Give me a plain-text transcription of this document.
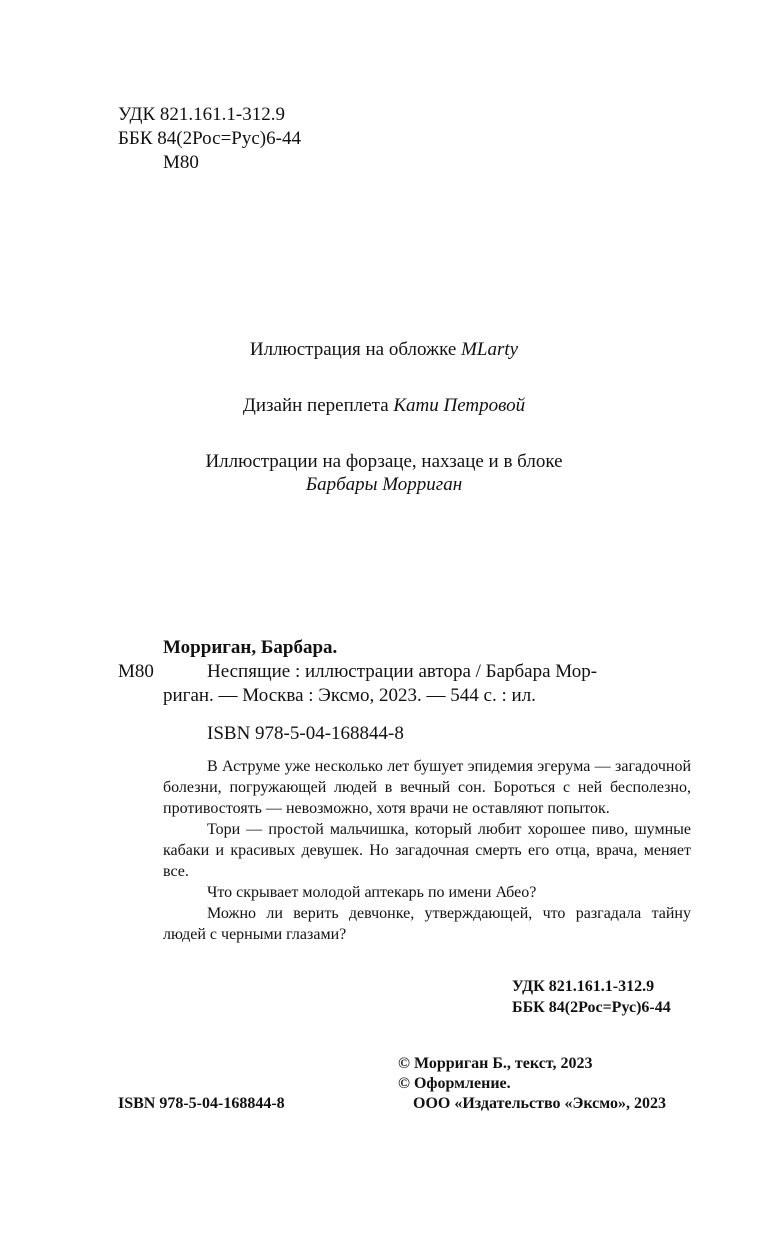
УДК 821.161.1-312.9
ББК 84(2Рос=Рус)6-44
М80
Иллюстрация на обложке MLarty
Дизайн переплета Кати Петровой
Иллюстрации на форзаце, нахзаце и в блоке
Барбары Морриган
Морриган, Барбара.
М80	Неспящие : иллюстрации автора / Барбара Мор-
риган. — Москва : Эксмо, 2023. — 544 с. : ил.
ISBN 978-5-04-168844-8
В Аструме уже несколько лет бушует эпидемия эгерума — загадочной болезни, погружающей людей в вечный сон. Бороться с ней бесполезно, противостоять — невозможно, хотя врачи не оставляют попыток.
Тори — простой мальчишка, который любит хорошее пиво, шумные кабаки и красивых девушек. Но загадочная смерть его отца, врача, меняет все.
Что скрывает молодой аптекарь по имени Абео?
Можно ли верить девчонке, утверждающей, что разгадала тайну людей с черными глазами?
УДК 821.161.1-312.9
ББК 84(2Рос=Рус)6-44
© Морриган Б., текст, 2023
© Оформление.
ООО «Издательство «Эксмо», 2023
ISBN 978-5-04-168844-8
